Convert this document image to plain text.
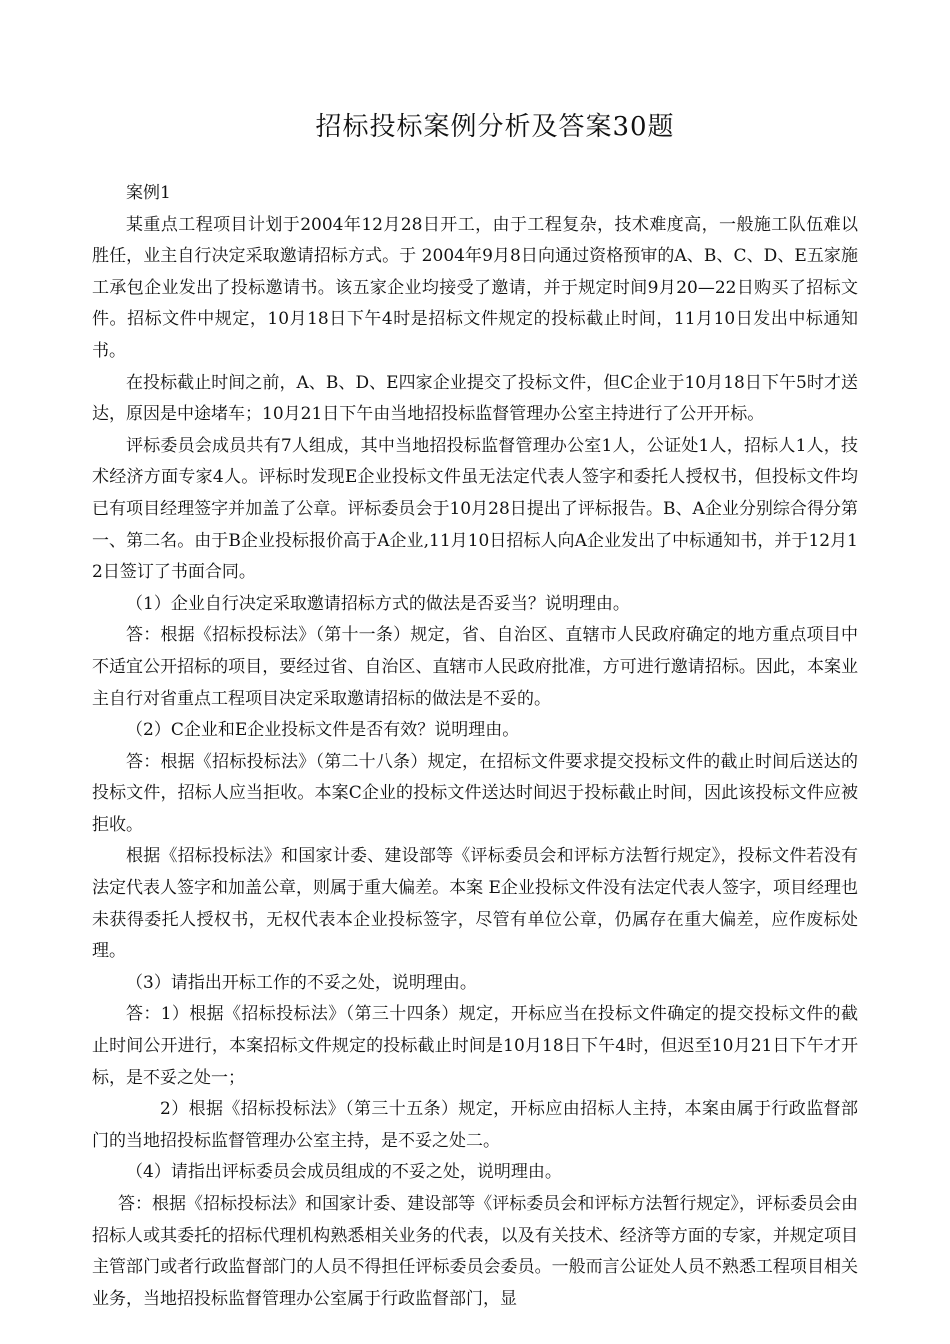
招标投标案例分析及答案30题

案例1

某重点工程项目计划于2004年12月28日开工，由于工程复杂，技术难度高，一般施工队伍难以胜任，业主自行决定采取邀请招标方式。于 2004年9月8日向通过资格预审的A、B、C、D、E五家施工承包企业发出了投标邀请书。该五家企业均接受了邀请，并于规定时间9月20—22日购买了招标文件。招标文件中规定，10月18日下午4时是招标文件规定的投标截止时间，11月10日发出中标通知书。

在投标截止时间之前，A、B、D、E四家企业提交了投标文件，但C企业于10月18日下午5时才送达，原因是中途堵车；10月21日下午由当地招投标监督管理办公室主持进行了公开开标。

评标委员会成员共有7人组成，其中当地招投标监督管理办公室1人，公证处1人，招标人1人，技术经济方面专家4人。评标时发现E企业投标文件虽无法定代表人签字和委托人授权书，但投标文件均已有项目经理签字并加盖了公章。评标委员会于10月28日提出了评标报告。B、A企业分别综合得分第一、第二名。由于B企业投标报价高于A企业,11月10日招标人向A企业发出了中标通知书，并于12月12日签订了书面合同。

（1）企业自行决定采取邀请招标方式的做法是否妥当？说明理由。

答：根据《招标投标法》（第十一条）规定，省、自治区、直辖市人民政府确定的地方重点项目中不适宜公开招标的项目，要经过省、自治区、直辖市人民政府批准，方可进行邀请招标。因此，本案业主自行对省重点工程项目决定采取邀请招标的做法是不妥的。

（2）C企业和E企业投标文件是否有效？说明理由。

答：根据《招标投标法》（第二十八条）规定，在招标文件要求提交投标文件的截止时间后送达的投标文件，招标人应当拒收。本案C企业的投标文件送达时间迟于投标截止时间，因此该投标文件应被拒收。

根据《招标投标法》和国家计委、建设部等《评标委员会和评标方法暂行规定》，投标文件若没有法定代表人签字和加盖公章，则属于重大偏差。本案 E企业投标文件没有法定代表人签字，项目经理也未获得委托人授权书，无权代表本企业投标签字，尽管有单位公章，仍属存在重大偏差，应作废标处理。

（3）请指出开标工作的不妥之处，说明理由。

答：1）根据《招标投标法》（第三十四条）规定，开标应当在投标文件确定的提交投标文件的截止时间公开进行，本案招标文件规定的投标截止时间是10月18日下午4时，但迟至10月21日下午才开标，是不妥之处一；

2）根据《招标投标法》（第三十五条）规定，开标应由招标人主持，本案由属于行政监督部门的当地招投标监督管理办公室主持，是不妥之处二。

（4）请指出评标委员会成员组成的不妥之处，说明理由。

答：根据《招标投标法》和国家计委、建设部等《评标委员会和评标方法暂行规定》，评标委员会由招标人或其委托的招标代理机构熟悉相关业务的代表，以及有关技术、经济等方面的专家，并规定项目主管部门或者行政监督部门的人员不得担任评标委员会委员。一般而言公证处人员不熟悉工程项目相关业务，当地招投标监督管理办公室属于行政监督部门，显
